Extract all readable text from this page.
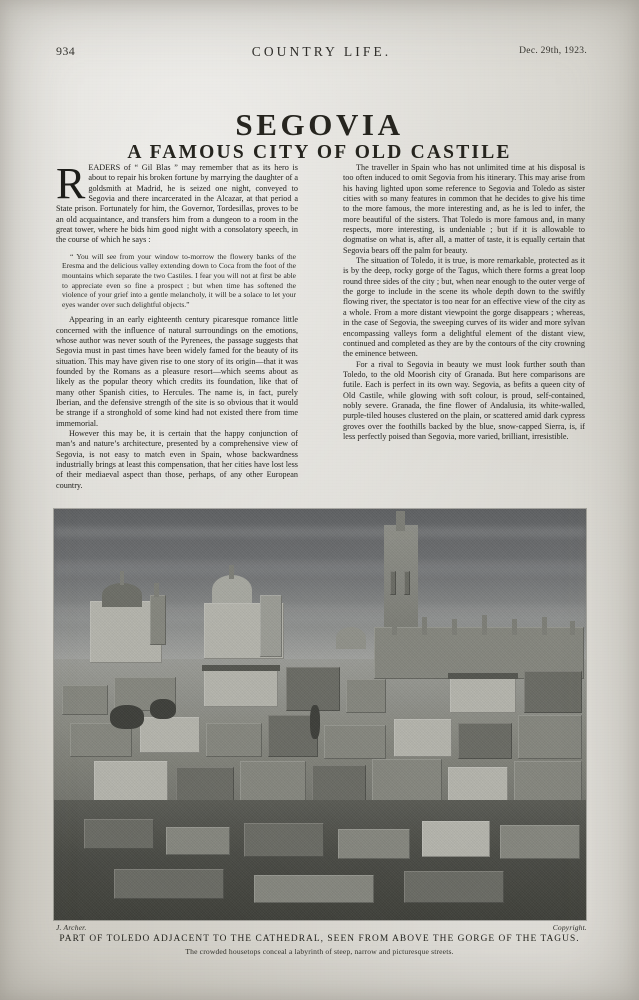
934	COUNTRY LIFE.	Dec. 29th, 1923.
SEGOVIA
A FAMOUS CITY OF OLD CASTILE

READERS of “ Gil Blas ” may remember that as its hero is about to repair his broken fortune by marrying the daughter of a goldsmith at Madrid, he is seized one night, conveyed to Segovia and there incarcerated in the Alcazar, at that period a State prison. Fortunately for him, the Governor, Tordesillas, proves to be an old acquaintance, and transfers him from a dungeon to a room in the great tower, where he bids him good night with a consolatory speech, in the course of which he says :

“ You will see from your window to-morrow the flowery banks of the Eresma and the delicious valley extending down to Coca from the foot of the mountains which separate the two Castiles. I fear you will not at first be able to appreciate even so fine a prospect ; but when time has softened the violence of your grief into a gentle melancholy, it will be a solace to let your eyes wander over such delightful objects.”

Appearing in an early eighteenth century picaresque romance little concerned with the influence of natural surroundings on the emotions, whose author was never south of the Pyrenees, the passage suggests that Segovia must in past times have been widely famed for the beauty of its situation. This may have given rise to one story of its origin—that it was founded by the Romans as a pleasure resort—which seems about as likely as the popular theory which credits its foundation, like that of many other Spanish cities, to Hercules. The name is, in fact, purely Iberian, and the defensive strength of the site is so obvious that it would be strange if a stronghold of some kind had not existed there from time immemorial.

However this may be, it is certain that the happy conjunction of man’s and nature’s architecture, presented by a comprehensive view of Segovia, is not easy to match even in Spain, whose backwardness industrially brings at least this compensation, that her cities have lost less of their mediaeval aspect than those, perhaps, of any other European country.

The traveller in Spain who has not unlimited time at his disposal is too often induced to omit Segovia from his itinerary. This may arise from his having lighted upon some reference to Segovia and Toledo as sister cities with so many features in common that he decides to give his time to the more famous, the more interesting and, as he is led to infer, the more beautiful of the sisters. That Toledo is more famous and, in many respects, more interesting, is undeniable ; but if it is allowable to dogmatise on what is, after all, a matter of taste, it is equally certain that Segovia bears off the palm for beauty.

The situation of Toledo, it is true, is more remarkable, protected as it is by the deep, rocky gorge of the Tagus, which there forms a great loop round three sides of the city ; but, when near enough to the outer verge of the gorge to include in the scene its whole depth down to the swiftly flowing river, the spectator is too near for an effective view of the city as a whole. From a more distant viewpoint the gorge disappears ; whereas, in the case of Segovia, the sweeping curves of its wider and more sylvan encompassing valleys form a delightful element of the distant view, continued and completed as they are by the contours of the city crowning the eminence between.

For a rival to Segovia in beauty we must look further south than Toledo, to the old Moorish city of Granada. But here comparisons are futile. Each is perfect in its own way. Segovia, as befits a queen city of Old Castile, while glowing with soft colour, is proud, self-contained, nobly severe. Granada, the fine flower of Andalusia, its white-walled, purple-tiled houses clustered on the plain, or scattered amid dark cypress groves over the foothills backed by the blue, snow-capped Sierra, is, if less perfectly poised than Segovia, more varied, brilliant, irresistible.

J. Archer.	Copyright.
PART OF TOLEDO ADJACENT TO THE CATHEDRAL, SEEN FROM ABOVE THE GORGE OF THE TAGUS.
The crowded housetops conceal a labyrinth of steep, narrow and picturesque streets.
